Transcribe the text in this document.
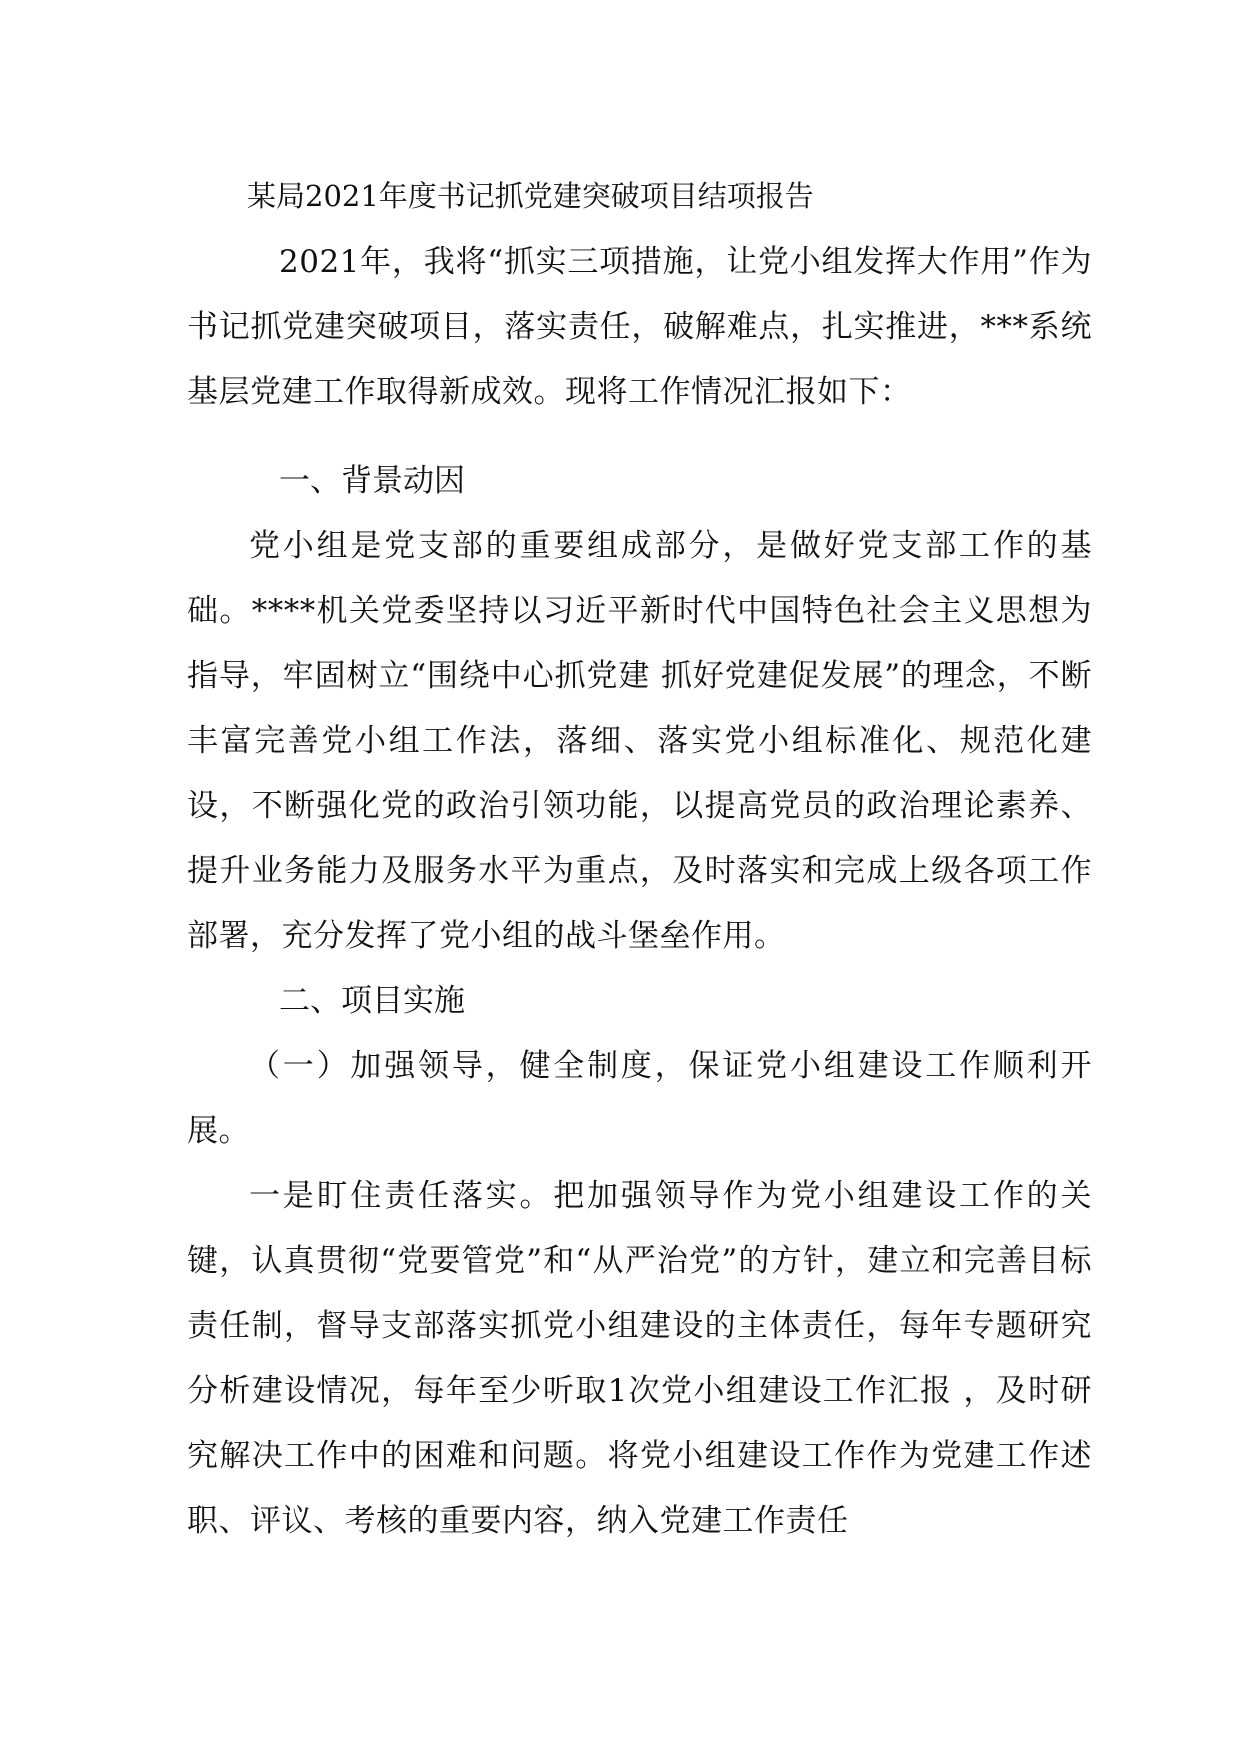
某局2021年度书记抓党建突破项目结项报告

2021年，我将“抓实三项措施，让党小组发挥大作用”作为书记抓党建突破项目，落实责任，破解难点，扎实推进，***系统基层党建工作取得新成效。现将工作情况汇报如下：

一、背景动因

党小组是党支部的重要组成部分，是做好党支部工作的基础。****机关党委坚持以习近平新时代中国特色社会主义思想为指导，牢固树立“围绕中心抓党建 抓好党建促发展”的理念，不断丰富完善党小组工作法，落细、落实党小组标准化、规范化建设，不断强化党的政治引领功能，以提高党员的政治理论素养、提升业务能力及服务水平为重点，及时落实和完成上级各项工作部署，充分发挥了党小组的战斗堡垒作用。

二、项目实施

（一）加强领导，健全制度，保证党小组建设工作顺利开展。

一是盯住责任落实。把加强领导作为党小组建设工作的关键，认真贯彻“党要管党”和“从严治党”的方针，建立和完善目标责任制，督导支部落实抓党小组建设的主体责任，每年专题研究分析建设情况，每年至少听取1次党小组建设工作汇报 ，及时研究解决工作中的困难和问题。将党小组建设工作作为党建工作述职、评议、考核的重要内容，纳入党建工作责任
